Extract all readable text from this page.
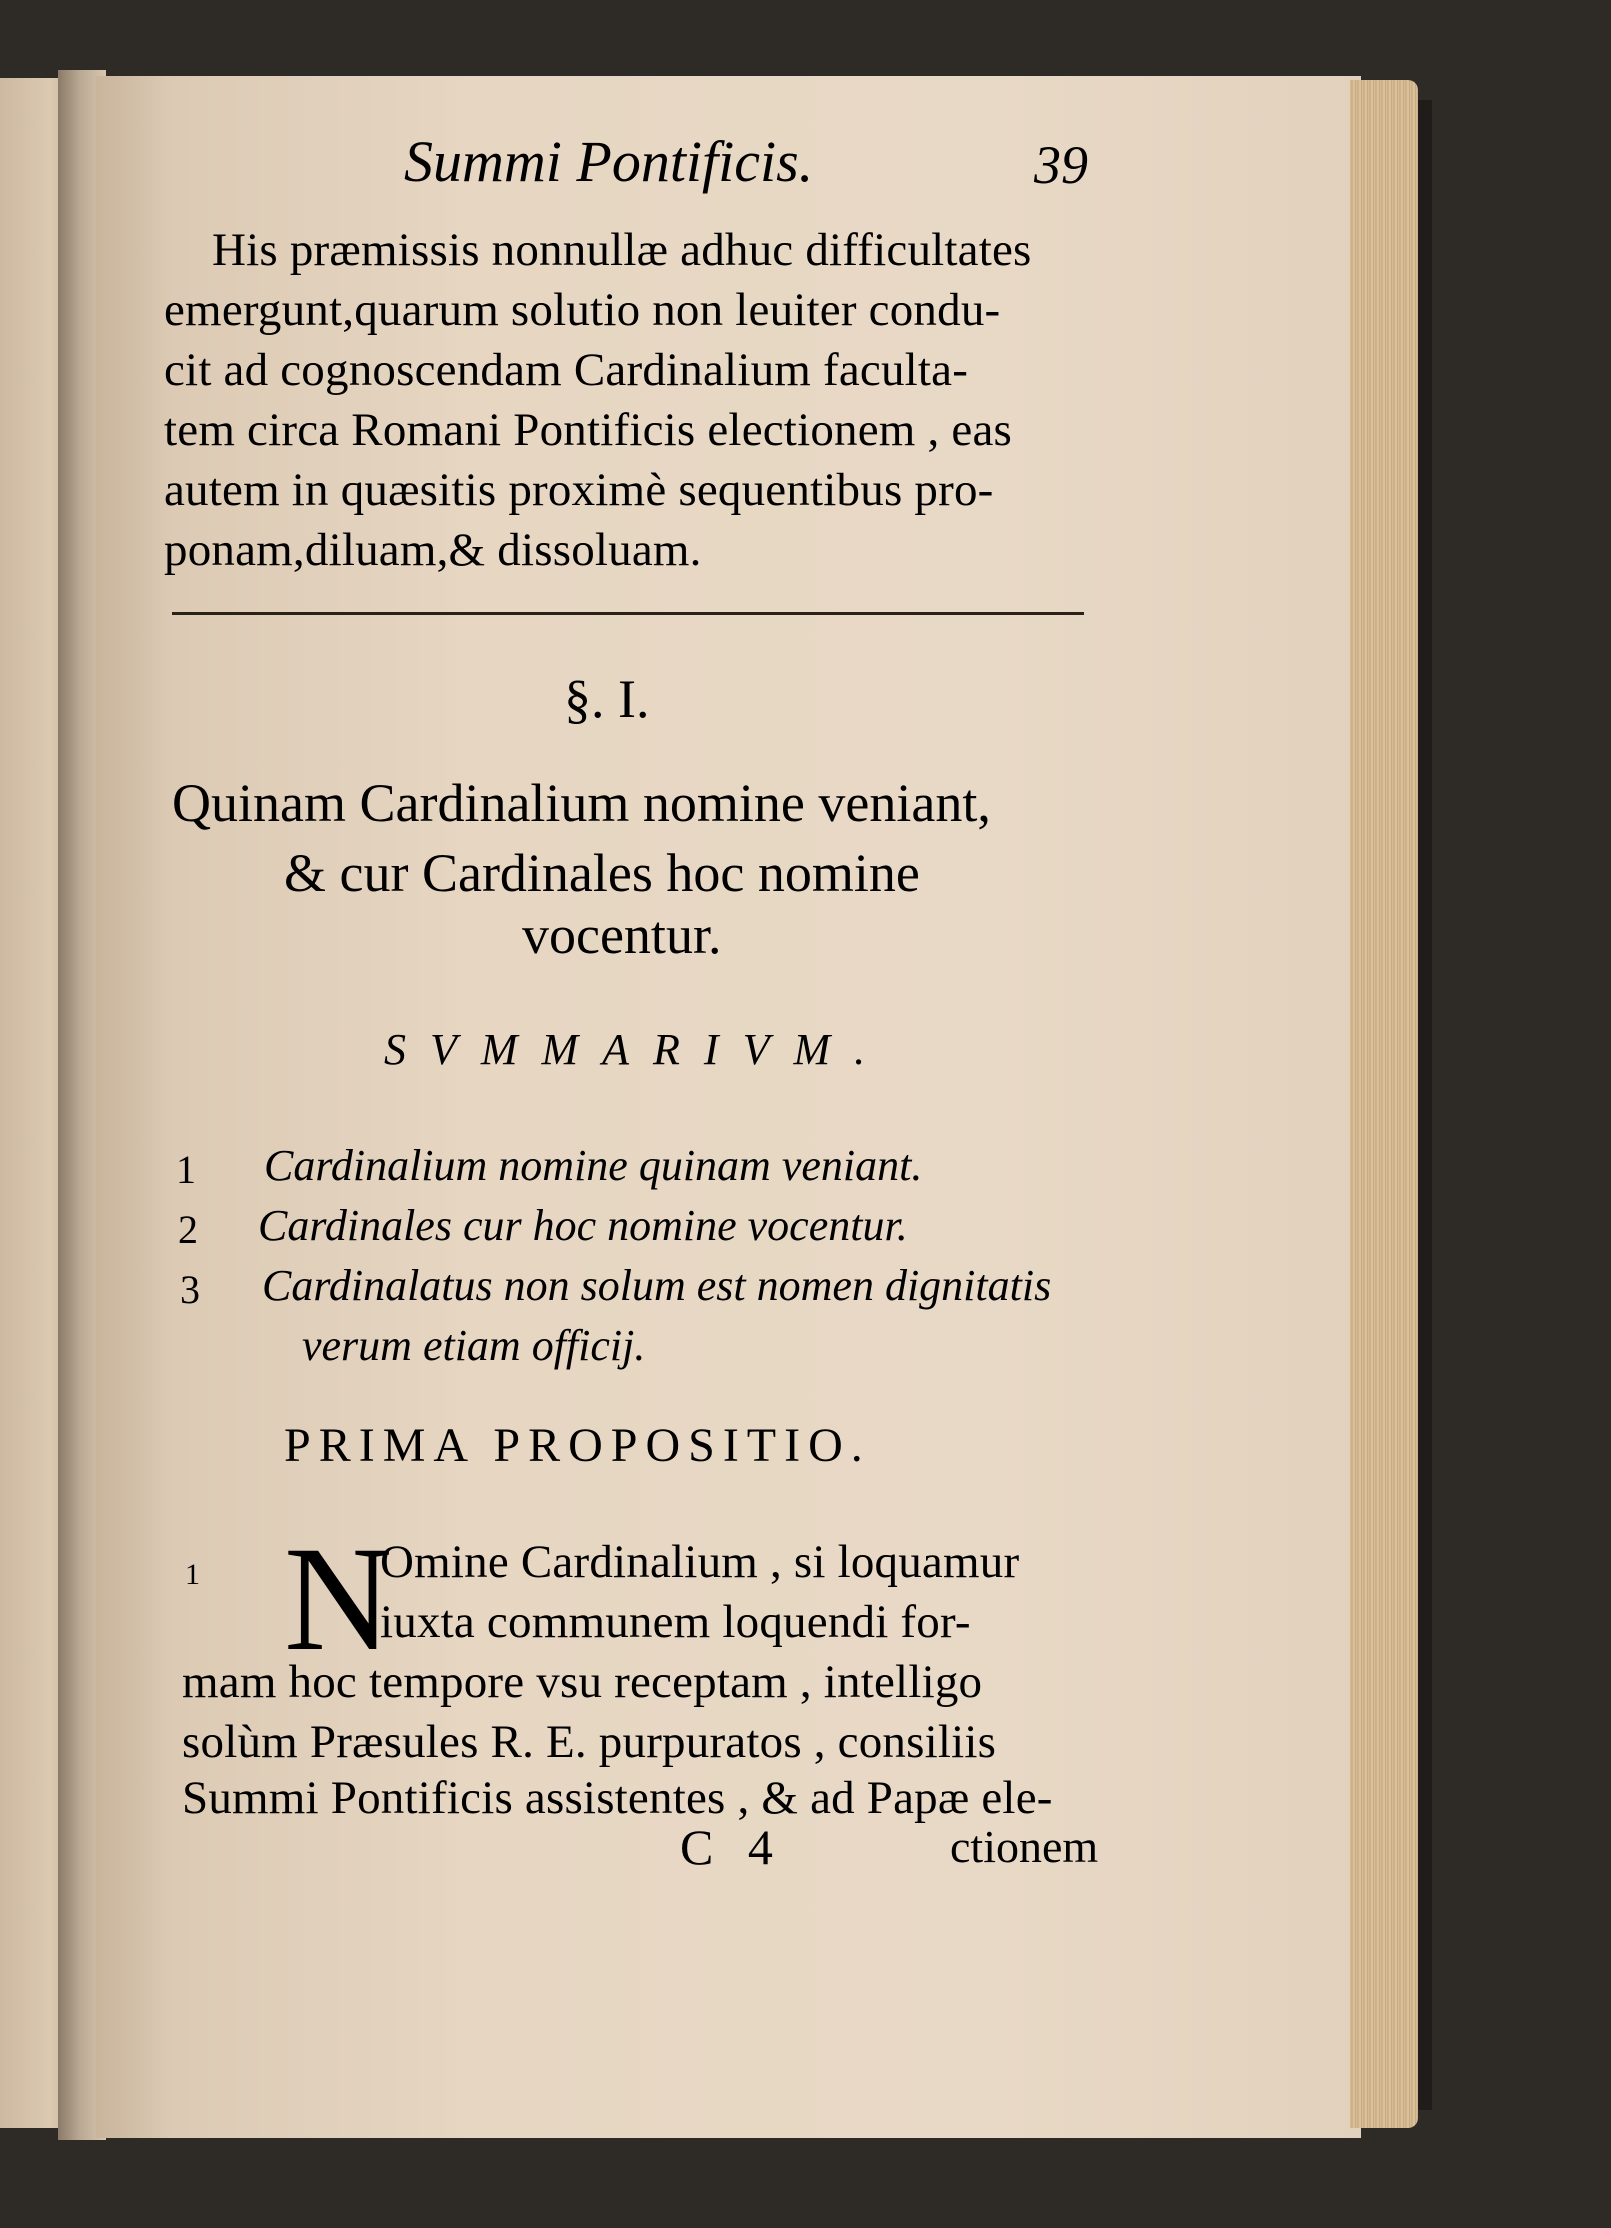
Summi Pontificis.	39
His præmissis nonnullæ adhuc difficultates
emergunt,quarum solutio non leuiter condu-
cit ad cognoscendam Cardinalium faculta-
tem circa Romani Pontificis electionem , eas
autem in quæsitis proximè sequentibus pro-
ponam,diluam,& dissoluam.
§. I.
Quinam Cardinalium nomine veniant,
& cur Cardinales hoc nomine
vocentur.
SVMMARIVM.
1 Cardinalium nomine quinam veniant.
2 Cardinales cur hoc nomine vocentur.
3 Cardinalatus non solum est nomen dignitatis
verum etiam officij.
PRIMA PROPOSITIO.
1 N
Omine Cardinalium , si loquamur
iuxta communem loquendi for-
mam hoc tempore vsu receptam , intelligo
solùm Præsules R. E. purpuratos , consiliis
Summi Pontificis assistentes , & ad Papæ ele-
C 4	ctionem
